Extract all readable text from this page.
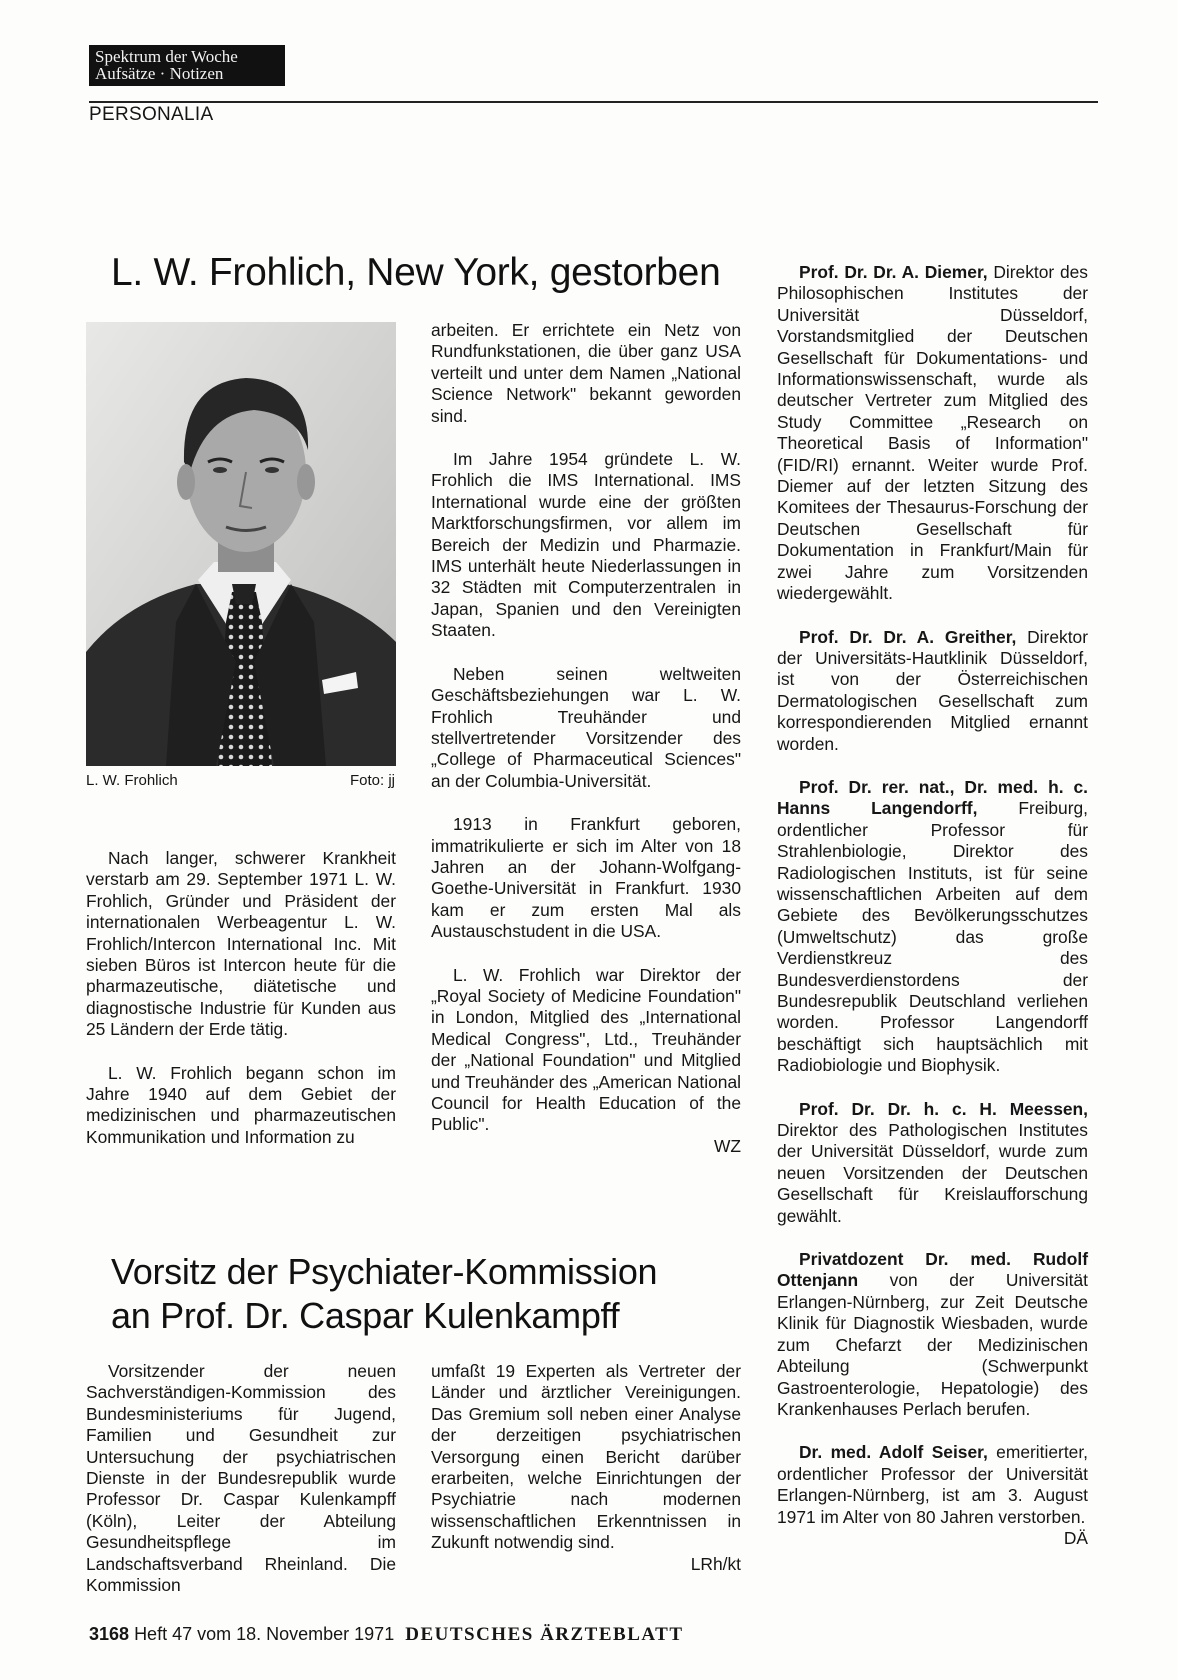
Spektrum der Woche
Aufsätze · Notizen
PERSONALIA
L. W. Frohlich, New York, gestorben
L. W. Frohlich	Foto: jj

Nach langer, schwerer Krankheit verstarb am 29. September 1971 L. W. Frohlich, Gründer und Präsident der internationalen Werbeagentur L. W. Frohlich/Intercon International Inc. Mit sieben Büros ist Intercon heute für die pharmazeutische, diätetische und diagnostische Industrie für Kunden aus 25 Ländern der Erde tätig.

L. W. Frohlich begann schon im Jahre 1940 auf dem Gebiet der medizinischen und pharmazeutischen Kommunikation und Information zu

arbeiten. Er errichtete ein Netz von Rundfunkstationen, die über ganz USA verteilt und unter dem Namen „National Science Network" bekannt geworden sind.

Im Jahre 1954 gründete L. W. Frohlich die IMS International. IMS International wurde eine der größten Marktforschungsfirmen, vor allem im Bereich der Medizin und Pharmazie. IMS unterhält heute Niederlassungen in 32 Städten mit Computerzentralen in Japan, Spanien und den Vereinigten Staaten.

Neben seinen weltweiten Geschäftsbeziehungen war L. W. Frohlich Treuhänder und stellvertretender Vorsitzender des „College of Pharmaceutical Sciences" an der Columbia-Universität.

1913 in Frankfurt geboren, immatrikulierte er sich im Alter von 18 Jahren an der Johann-Wolfgang-Goethe-Universität in Frankfurt. 1930 kam er zum ersten Mal als Austauschstudent in die USA.

L. W. Frohlich war Direktor der „Royal Society of Medicine Foundation" in London, Mitglied des „International Medical Congress", Ltd., Treuhänder der „National Foundation" und Mitglied und Treuhänder des „American National Council for Health Education of the Public".

WZ
Vorsitz der Psychiater-Kommission
an Prof. Dr. Caspar Kulenkampff

Vorsitzender der neuen Sachverständigen-Kommission des Bundesministeriums für Jugend, Familien und Gesundheit zur Untersuchung der psychiatrischen Dienste in der Bundesrepublik wurde Professor Dr. Caspar Kulenkampff (Köln), Leiter der Abteilung Gesundheitspflege im Landschaftsverband Rheinland. Die Kommission

umfaßt 19 Experten als Vertreter der Länder und ärztlicher Vereinigungen. Das Gremium soll neben einer Analyse der derzeitigen psychiatrischen Versorgung einen Bericht darüber erarbeiten, welche Einrichtungen der Psychiatrie nach modernen wissenschaftlichen Erkenntnissen in Zukunft notwendig sind.

LRh/kt

Prof. Dr. Dr. A. Diemer, Direktor des Philosophischen Institutes der Universität Düsseldorf, Vorstandsmitglied der Deutschen Gesellschaft für Dokumentations- und Informationswissenschaft, wurde als deutscher Vertreter zum Mitglied des Study Committee „Research on Theoretical Basis of Information" (FID/RI) ernannt. Weiter wurde Prof. Diemer auf der letzten Sitzung des Komitees der Thesaurus-Forschung der Deutschen Gesellschaft für Dokumentation in Frankfurt/Main für zwei Jahre zum Vorsitzenden wiedergewählt.

Prof. Dr. Dr. A. Greither, Direktor der Universitäts-Hautklinik Düsseldorf, ist von der Österreichischen Dermatologischen Gesellschaft zum korrespondierenden Mitglied ernannt worden.

Prof. Dr. rer. nat., Dr. med. h. c. Hanns Langendorff, Freiburg, ordentlicher Professor für Strahlenbiologie, Direktor des Radiologischen Instituts, ist für seine wissenschaftlichen Arbeiten auf dem Gebiete des Bevölkerungsschutzes (Umweltschutz) das große Verdienstkreuz des Bundesverdienstordens der Bundesrepublik Deutschland verliehen worden. Professor Langendorff beschäftigt sich hauptsächlich mit Radiobiologie und Biophysik.

Prof. Dr. Dr. h. c. H. Meessen, Direktor des Pathologischen Institutes der Universität Düsseldorf, wurde zum neuen Vorsitzenden der Deutschen Gesellschaft für Kreislaufforschung gewählt.

Privatdozent Dr. med. Rudolf Ottenjann von der Universität Erlangen-Nürnberg, zur Zeit Deutsche Klinik für Diagnostik Wiesbaden, wurde zum Chefarzt der Medizinischen Abteilung (Schwerpunkt Gastroenterologie, Hepatologie) des Krankenhauses Perlach berufen.

Dr. med. Adolf Seiser, emeritierter, ordentlicher Professor der Universität Erlangen-Nürnberg, ist am 3. August 1971 im Alter von 80 Jahren verstorben.

DÄ
3168 Heft 47 vom 18. November 1971 DEUTSCHES ÄRZTEBLATT
